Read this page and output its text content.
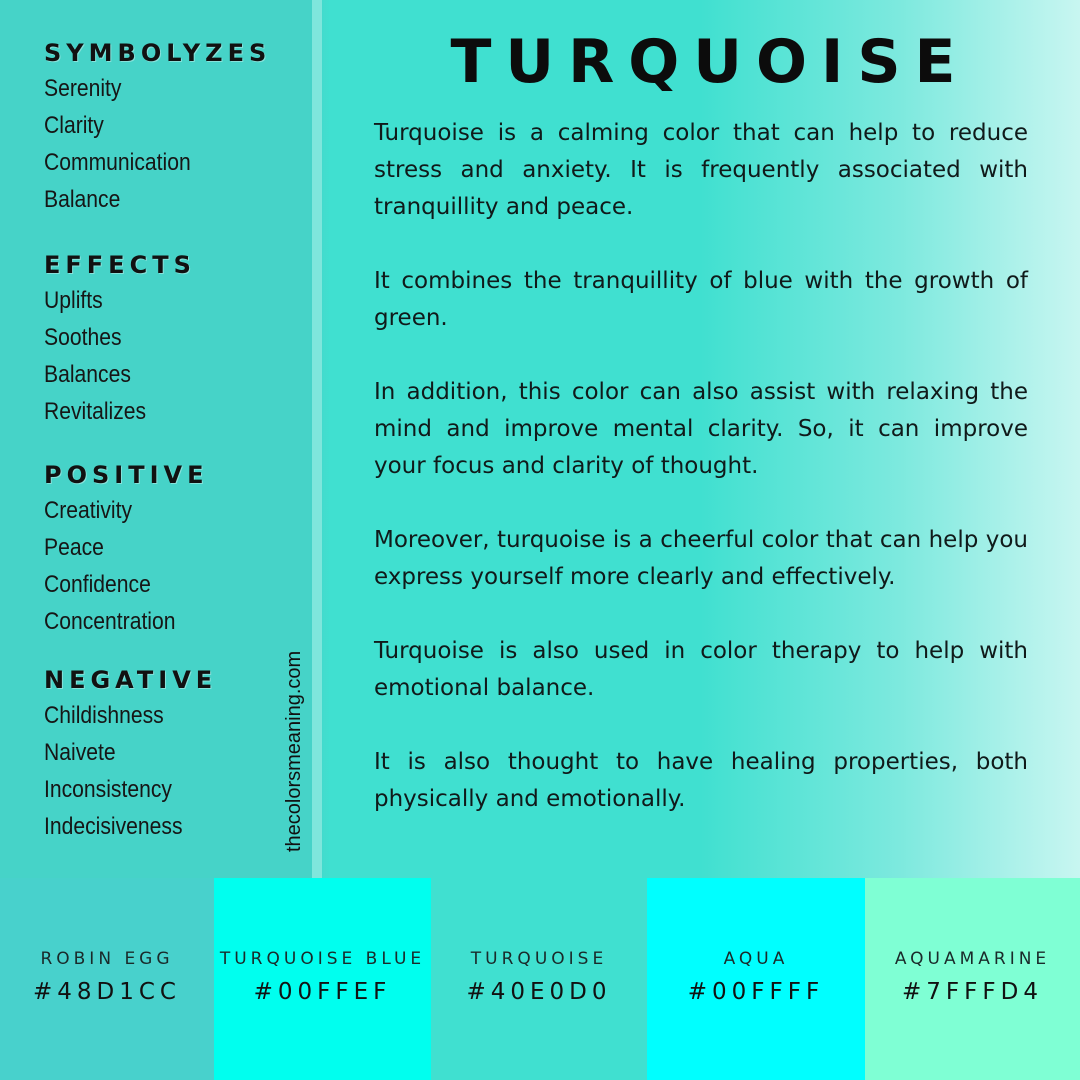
SYMBOLYZES
Serenity
Clarity
Communication
Balance
EFFECTS
Uplifts
Soothes
Balances
Revitalizes
POSITIVE
Creativity
Peace
Confidence
Concentration
NEGATIVE
Childishness
Naivete
Inconsistency
Indecisiveness	thecolorsmeaning.com
TURQUOISE

Turquoise is a calming color that can help to reduce stress and anxiety. It is frequently associated with tranquillity and peace.

It combines the tranquillity of blue with the growth of green.

In addition, this color can also assist with relaxing the mind and improve mental clarity. So, it can improve your focus and clarity of thought.

Moreover, turquoise is a cheerful color that can help you express yourself more clearly and effectively.

Turquoise is also used in color therapy to help with emotional balance.

It is also thought to have healing properties, both physically and emotionally.

ROBIN EGG
#48D1CC
TURQUOISE BLUE
#00FFEF
TURQUOISE
#40E0D0
AQUA
#00FFFF
AQUAMARINE
#7FFFD4
